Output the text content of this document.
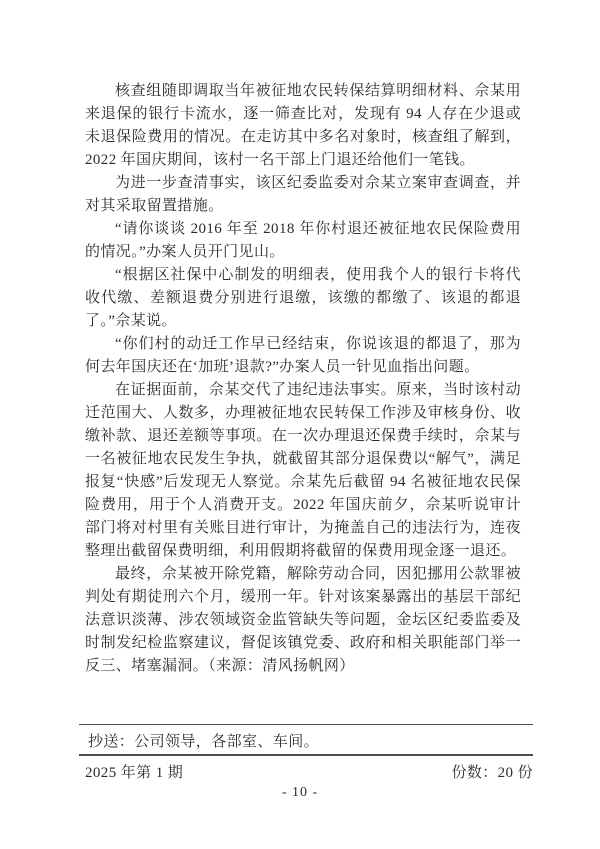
核查组随即调取当年被征地农民转保结算明细材料、佘某用来退保的银行卡流水，逐一筛查比对，发现有 94 人存在少退或未退保险费用的情况。在走访其中多名对象时，核查组了解到，2022 年国庆期间，该村一名干部上门退还给他们一笔钱。

为进一步查清事实，该区纪委监委对佘某立案审查调查，并对其采取留置措施。

“请你谈谈 2016 年至 2018 年你村退还被征地农民保险费用的情况。”办案人员开门见山。

“根据区社保中心制发的明细表，使用我个人的银行卡将代收代缴、差额退费分别进行退缴，该缴的都缴了、该退的都退了。”佘某说。

“你们村的动迁工作早已经结束，你说该退的都退了，那为何去年国庆还在‘加班’退款?”办案人员一针见血指出问题。

在证据面前，佘某交代了违纪违法事实。原来，当时该村动迁范围大、人数多，办理被征地农民转保工作涉及审核身份、收缴补款、退还差额等事项。在一次办理退还保费手续时，佘某与一名被征地农民发生争执，就截留其部分退保费以“解气”，满足报复“快感”后发现无人察觉。佘某先后截留 94 名被征地农民保险费用，用于个人消费开支。2022 年国庆前夕，佘某听说审计部门将对村里有关账目进行审计，为掩盖自己的违法行为，连夜整理出截留保费明细，利用假期将截留的保费用现金逐一退还。

最终，佘某被开除党籍，解除劳动合同，因犯挪用公款罪被判处有期徒刑六个月，缓刑一年。针对该案暴露出的基层干部纪法意识淡薄、涉农领域资金监管缺失等问题，金坛区纪委监委及时制发纪检监察建议，督促该镇党委、政府和相关职能部门举一反三、堵塞漏洞。（来源：清风扬帆网）

抄送：公司领导，各部室、车间。
2025 年第 1 期	份数：20 份
- 10 -
